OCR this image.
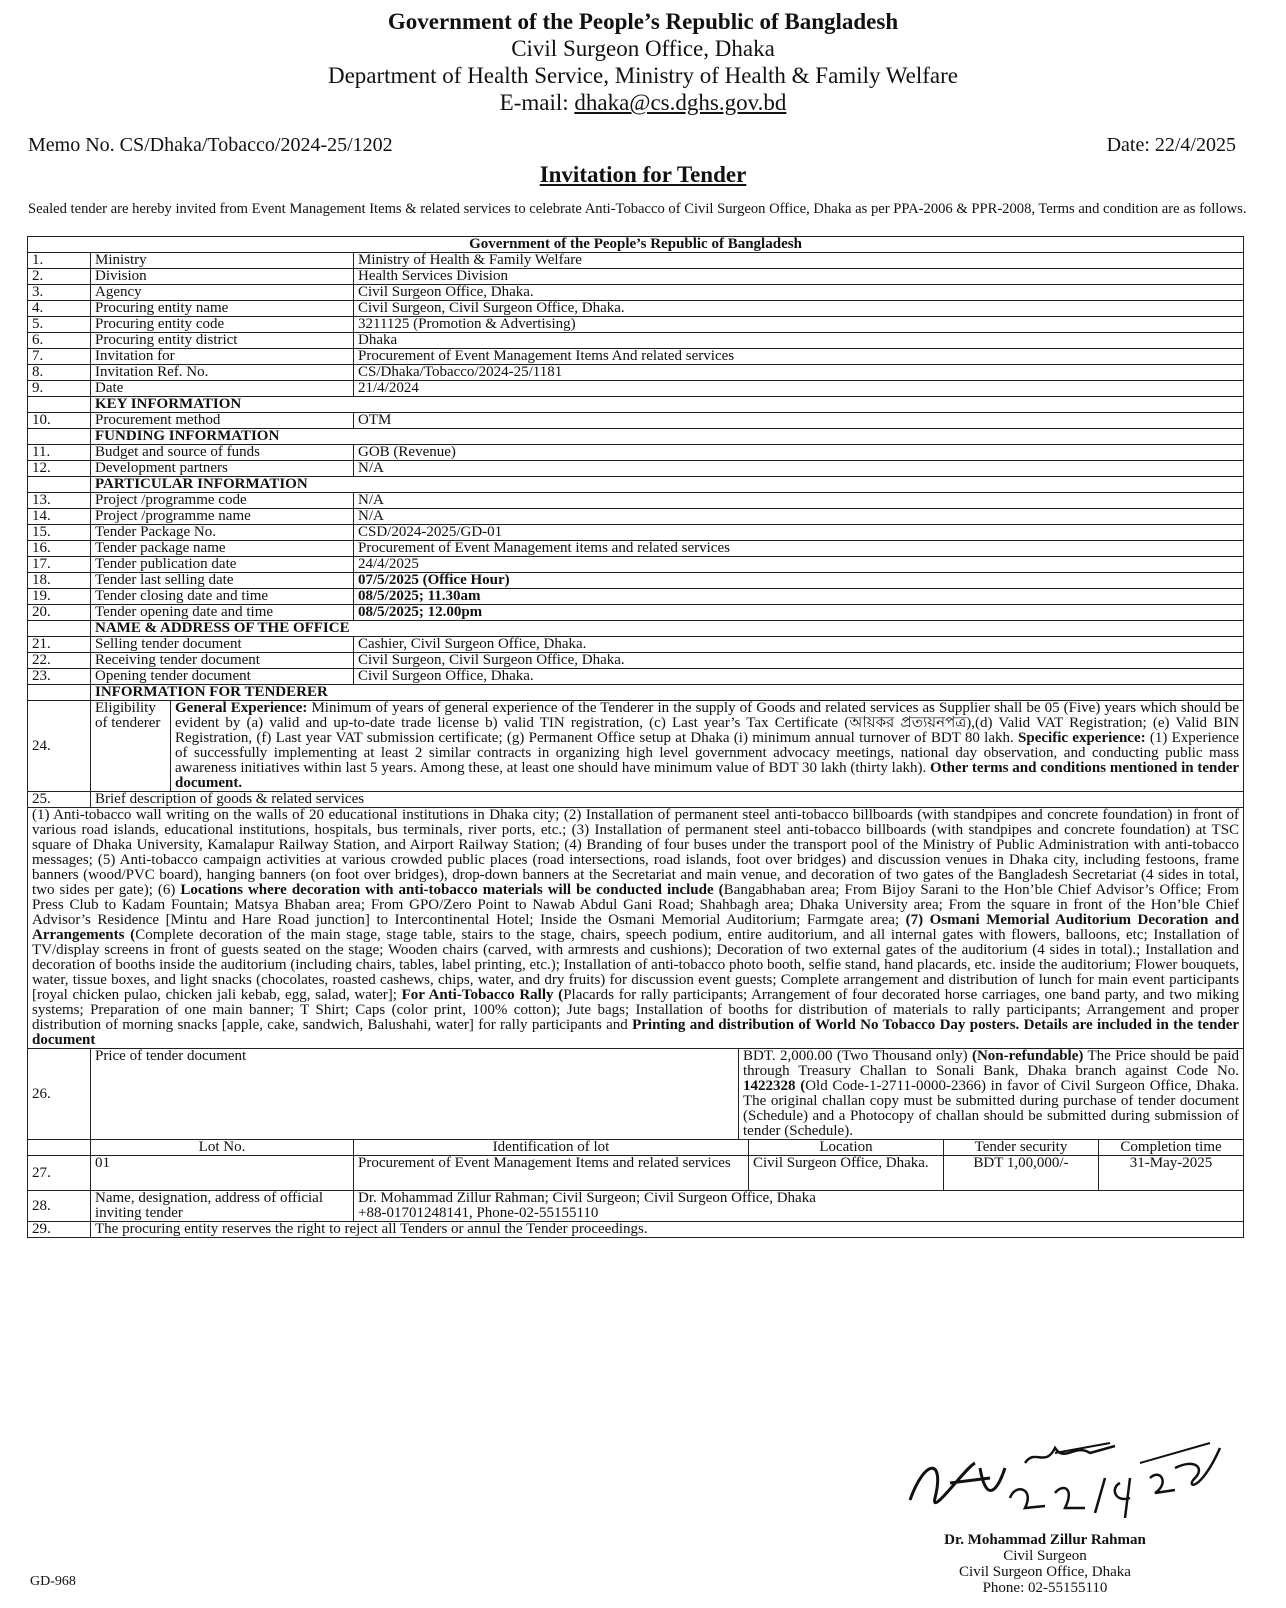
Government of the People’s Republic of Bangladesh
Civil Surgeon Office, Dhaka
Department of Health Service, Ministry of Health & Family Welfare
E-mail: dhaka@cs.dghs.gov.bd
Memo No. CS/Dhaka/Tobacco/2024-25/1202	Date: 22/4/2025
Invitation for Tender
Sealed tender are hereby invited from Event Management Items & related services to celebrate Anti-Tobacco of Civil Surgeon Office, Dhaka as per PPA-2006 & PPR-2008, Terms and condition are as follows.
Government of the People’s Republic of Bangladesh							
1.	Ministry		Ministry of Health & Family Welfare				
2.	Division		Health Services Division				
3.	Agency		Civil Surgeon Office, Dhaka.				
4.	Procuring entity name		Civil Surgeon, Civil Surgeon Office, Dhaka.				
5.	Procuring entity code		3211125 (Promotion & Advertising)				
6.	Procuring entity district		Dhaka				
7.	Invitation for		Procurement of Event Management Items And related services				
8.	Invitation Ref. No.		CS/Dhaka/Tobacco/2024-25/1181				
9.	Date		21/4/2024				
	KEY INFORMATION						
10.	Procurement method		OTM				
	FUNDING INFORMATION						
11.	Budget and source of funds		GOB (Revenue)				
12.	Development partners		N/A				
	PARTICULAR INFORMATION						
13.	Project /programme code		N/A				
14.	Project /programme name		N/A				
15.	Tender Package No.		CSD/2024-2025/GD-01				
16.	Tender package name		Procurement of Event Management items and related services				
17.	Tender publication date		24/4/2025				
18.	Tender last selling date		07/5/2025 (Office Hour)				
19.	Tender closing date and time		08/5/2025; 11.30am				
20.	Tender opening date and time		08/5/2025; 12.00pm				
	NAME & ADDRESS OF THE OFFICE						
21.	Selling tender document		Cashier, Civil Surgeon Office, Dhaka.				
22.	Receiving tender document		Civil Surgeon, Civil Surgeon Office, Dhaka.				
23.	Opening tender document		Civil Surgeon Office, Dhaka.				
	INFORMATION FOR TENDERER						
24.	Eligibility of tenderer	General Experience: Minimum of years of general experience of the Tenderer in the supply of Goods and related services as Supplier shall be 05 (Five) years which should be evident by (a) valid and up-to-date trade license b) valid TIN registration, (c) Last year’s Tax Certificate (আয়কর প্রত্যয়নপত্র),(d) Valid VAT Registration; (e) Valid BIN Registration, (f) Last year VAT submission certificate; (g) Permanent Office setup at Dhaka (i) minimum annual turnover of BDT 80 lakh. Specific experience: (1) Experience of successfully implementing at least 2 similar contracts in organizing high level government advocacy meetings, national day observation, and conducting public mass awareness initiatives within last 5 years. Among these, at least one should have minimum value of BDT 30 lakh (thirty lakh). Other terms and conditions mentioned in tender document.					
25.	Brief description of goods & related services						
(1) Anti-tobacco wall writing on the walls of 20 educational institutions in Dhaka city; (2) Installation of permanent steel anti-tobacco billboards (with standpipes and concrete foundation) in front of various road islands, educational institutions, hospitals, bus terminals, river ports, etc.; (3) Installation of permanent steel anti-tobacco billboards (with standpipes and concrete foundation) at TSC square of Dhaka University, Kamalapur Railway Station, and Airport Railway Station; (4) Branding of four buses under the transport pool of the Ministry of Public Administration with anti-tobacco messages; (5) Anti-tobacco campaign activities at various crowded public places (road intersections, road islands, foot over bridges) and discussion venues in Dhaka city, including festoons, frame banners (wood/PVC board), hanging banners (on foot over bridges), drop-down banners at the Secretariat and main venue, and decoration of two gates of the Bangladesh Secretariat (4 sides in total, two sides per gate); (6) Locations where decoration with anti-tobacco materials will be conducted include (Bangabhaban area; From Bijoy Sarani to the Hon’ble Chief Advisor’s Office; From Press Club to Kadam Fountain; Matsya Bhaban area; From GPO/Zero Point to Nawab Abdul Gani Road; Shahbagh area; Dhaka University area; From the square in front of the Hon’ble Chief Advisor’s Residence [Mintu and Hare Road junction] to Intercontinental Hotel; Inside the Osmani Memorial Auditorium; Farmgate area; (7) Osmani Memorial Auditorium Decoration and Arrangements (Complete decoration of the main stage, stage table, stairs to the stage, chairs, speech podium, entire auditorium, and all internal gates with flowers, balloons, etc; Installation of TV/display screens in front of guests seated on the stage; Wooden chairs (carved, with armrests and cushions); Decoration of two external gates of the auditorium (4 sides in total).; Installation and decoration of booths inside the auditorium (including chairs, tables, label printing, etc.); Installation of anti-tobacco photo booth, selfie stand, hand placards, etc. inside the auditorium; Flower bouquets, water, tissue boxes, and light snacks (chocolates, roasted cashews, chips, water, and dry fruits) for discussion event guests; Complete arrangement and distribution of lunch for main event participants [royal chicken pulao, chicken jali kebab, egg, salad, water]; For Anti-Tobacco Rally (Placards for rally participants; Arrangement of four decorated horse carriages, one band party, and two miking systems; Preparation of one main banner; T Shirt; Caps (color print, 100% cotton); Jute bags; Installation of booths for distribution of materials to rally participants; Arrangement and proper distribution of morning snacks [apple, cake, sandwich, Balushahi, water] for rally participants and Printing and distribution of World No Tobacco Day posters. Details are included in the tender document							
26.	Price of tender document			BDT. 2,000.00 (Two Thousand only) (Non-refundable) The Price should be paid through Treasury Challan to Sonali Bank, Dhaka branch against Code No. 1422328 (Old Code-1-2711-0000-2366) in favor of Civil Surgeon Office, Dhaka. The original challan copy must be submitted during purchase of tender document (Schedule) and a Photocopy of challan should be submitted during submission of tender (Schedule).			
	Lot No.		Identification of lot		Location	Tender security	Completion time
27.	01		Procurement of Event Management Items and related services		Civil Surgeon Office, Dhaka.	BDT 1,00,000/-	31-May-2025
28.	Name, designation, address of official inviting tender		Dr. Mohammad Zillur Rahman; Civil Surgeon; Civil Surgeon Office, Dhaka
+88-01701248141, Phone-02-55155110				

29.	The procuring entity reserves the right to reject all Tenders or annul the Tender proceedings.						
Dr. Mohammad Zillur Rahman
Civil Surgeon
Civil Surgeon Office, Dhaka
Phone: 02-55155110
GD-968
